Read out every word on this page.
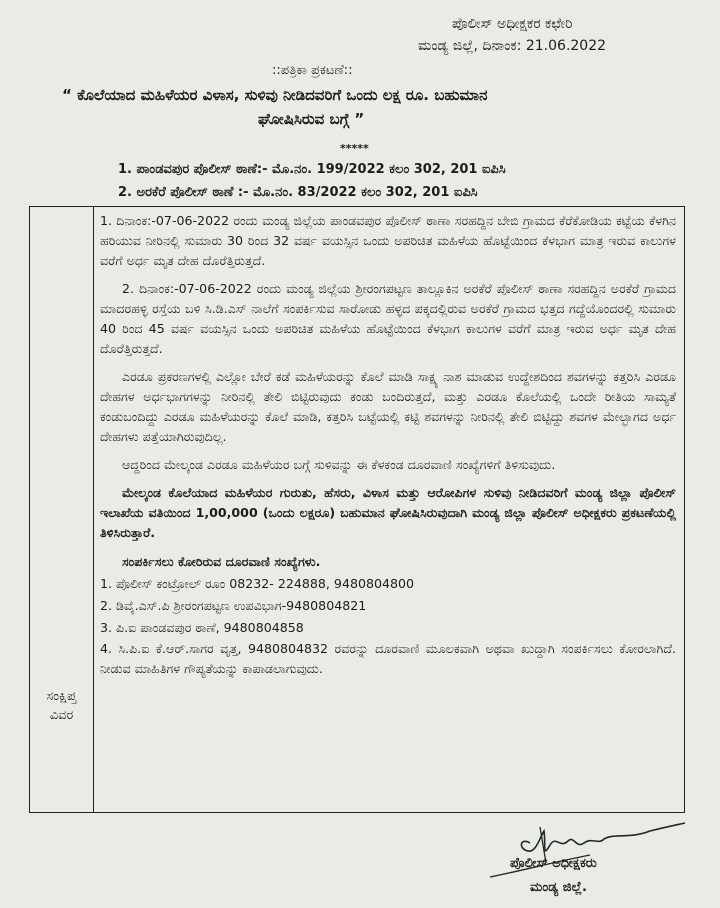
ಪೊಲೀಸ್ ಅಧೀಕ್ಷಕರ ಕಛೇರಿ
ಮಂಡ್ಯ ಜಿಲ್ಲೆ, ದಿನಾಂಕ: 21.06.2022
::ಪತ್ರಿಕಾ ಪ್ರಕಟಣೆ::
“ ಕೊಲೆಯಾದ ಮಹಿಳೆಯರ ವಿಳಾಸ, ಸುಳಿವು ನೀಡಿದವರಿಗೆ ಒಂದು ಲಕ್ಷ ರೂ. ಬಹುಮಾನ
ಘೋಷಿಸಿರುವ ಬಗ್ಗೆ ”
*****
1. ಪಾಂಡವಪುರ ಪೊಲೀಸ್ ಠಾಣೆ:- ಮೊ.ನಂ. 199/2022 ಕಲಂ 302, 201 ಐಪಿಸಿ
2. ಅರಕೆರೆ ಪೊಲೀಸ್ ಠಾಣೆ :- ಮೊ.ನಂ. 83/2022 ಕಲಂ 302, 201 ಐಪಿಸಿ
ಸಂಕ್ಷಿಪ್ತ
ವಿವರ

1. ದಿನಾಂಕ:-07-06-2022 ರಂದು ಮಂಡ್ಯ ಜಿಲ್ಲೆಯ ಪಾಂಡವಪುರ ಪೊಲೀಸ್ ಠಾಣಾ ಸರಹದ್ದಿನ ಬೇಬಿ ಗ್ರಾಮದ ಕೆರೆಕೋಡಿಯ ಕಟ್ಟೆಯ ಕೆಳಗಿನ ಹರಿಯುವ ನೀರಿನಲ್ಲಿ ಸುಮಾರು 30 ರಿಂದ 32 ವರ್ಷ ವಯಸ್ಸಿನ ಒಂದು ಅಪರಿಚಿತ ಮಹಿಳೆಯ ಹೊಟ್ಟೆಯಿಂದ ಕೆಳಭಾಗ ಮಾತ್ರ ಇರುವ ಕಾಲುಗಳ ವರೆಗೆ ಅರ್ಧ ಮೃತ ದೇಹ ದೊರೆತ್ತಿರುತ್ತದೆ.

2. ದಿನಾಂಕ:-07-06-2022 ರಂದು ಮಂಡ್ಯ ಜಿಲ್ಲೆಯ ಶ್ರೀರಂಗಪಟ್ಟಣ ತಾಲ್ಲೂಕಿನ ಅರಕೆರೆ ಪೊಲೀಸ್ ಠಾಣಾ ಸರಹದ್ದಿನ ಅರಕೆರೆ ಗ್ರಾಮದ ಮಾದರಹಳ್ಳಿ ರಸ್ತೆಯ ಬಳಿ ಸಿ.ಡಿ.ಎಸ್ ನಾಲೆಗೆ ಸಂಪರ್ಕಿಸುವ ಸಾರೋಡು ಹಳ್ಳದ ಪಕ್ಕದಲ್ಲಿರುವ ಅರಕೆರೆ ಗ್ರಾಮದ ಭತ್ತದ ಗದ್ದೆಯೊಂದರಲ್ಲಿ ಸುಮಾರು 40 ರಿಂದ 45 ವರ್ಷ ವಯಸ್ಸಿನ ಒಂದು ಅಪರಿಚಿತ ಮಹಿಳೆಯ ಹೊಟ್ಟೆಯಿಂದ ಕೆಳಭಾಗ ಕಾಲುಗಳ ವರೆಗೆ ಮಾತ್ರ ಇರುವ ಅರ್ಧ ಮೃತ ದೇಹ ದೊರೆತ್ತಿರುತ್ತದೆ.

ಎರಡೂ ಪ್ರಕರಣಗಳಲ್ಲಿ ಎಲ್ಲೋ ಬೇರೆ ಕಡೆ ಮಹಿಳೆಯರನ್ನು ಕೊಲೆ ಮಾಡಿ ಸಾಕ್ಷ್ಯ ನಾಶ ಮಾಡುವ ಉದ್ದೇಶದಿಂದ ಶವಗಳನ್ನು ಕತ್ತರಿಸಿ ಎರಡೂ ದೇಹಗಳ ಅರ್ಧಭಾಗಗಳನ್ನು ನೀರಿನಲ್ಲಿ ತೇಲಿ ಬಿಟ್ಟಿರುವುದು ಕಂಡು ಬಂದಿರುತ್ತದೆ, ಮತ್ತು ಎರಡೂ ಕೊಲೆಯಲ್ಲಿ ಒಂದೇ ರೀತಿಯ ಸಾಮ್ಯತೆ ಕಂಡುಬಂದಿದ್ದು ಎರಡೂ ಮಹಿಳೆಯರನ್ನು ಕೊಲೆ ಮಾಡಿ, ಕತ್ತರಿಸಿ ಬಟ್ಟೆಯಲ್ಲಿ ಕಟ್ಟಿ ಶವಗಳನ್ನು ನೀರಿನಲ್ಲಿ ತೇಲಿ ಬಿಟ್ಟಿದ್ದು ಶವಗಳ ಮೇಲ್ಭಾಗದ ಅರ್ಧ ದೇಹಗಳು ಪತ್ತೆಯಾಗಿರುವುದಿಲ್ಲ.

ಆದ್ದರಿಂದ ಮೇಲ್ಕಂಡ ಎರಡೂ ಮಹಿಳೆಯರ ಬಗ್ಗೆ ಸುಳಿವನ್ನು ಈ ಕೆಳಕಂಡ ದೂರವಾಣಿ ಸಂಖ್ಯೆಗಳಿಗೆ ತಿಳಿಸುವುದು.

ಮೇಲ್ಕಂಡ ಕೊಲೆಯಾದ ಮಹಿಳೆಯರ ಗುರುತು, ಹೆಸರು, ವಿಳಾಸ ಮತ್ತು ಆರೋಪಿಗಳ ಸುಳಿವು ನೀಡಿದವರಿಗೆ ಮಂಡ್ಯ ಜಿಲ್ಲಾ ಪೊಲೀಸ್ ಇಲಾಖೆಯ ವತಿಯಿಂದ 1,00,000 (ಒಂದು ಲಕ್ಷರೂ) ಬಹುಮಾನ ಘೋಷಿಸಿರುವುದಾಗಿ ಮಂಡ್ಯ ಜಿಲ್ಲಾ ಪೊಲೀಸ್ ಅಧೀಕ್ಷಕರು ಪ್ರಕಟಣೆಯಲ್ಲಿ ತಿಳಿಸಿರುತ್ತಾರೆ.

ಸಂಪರ್ಕಿಸಲು ಕೋರಿರುವ ದೂರವಾಣಿ ಸಂಖ್ಯೆಗಳು.
1. ಪೊಲೀಸ್ ಕಂಟ್ರೋಲ್ ರೂಂ 08232- 224888, 9480804800
2. ಡಿವೈ.ಎಸ್.ಪಿ ಶ್ರೀರಂಗಪಟ್ಟಣ ಉಪವಿಭಾಗ-9480804821
3. ಪಿ.ಐ ಪಾಂಡವಪುರ ಠಾಣೆ, 9480804858
4. ಸಿ.ಪಿ.ಐ ಕೆ.ಆರ್.ಸಾಗರ ವೃತ್ತ, 9480804832 ರವರನ್ನು ದೂರವಾಣಿ ಮೂಲಕವಾಗಿ ಅಥವಾ ಖುದ್ದಾಗಿ ಸಂಪರ್ಕಿಸಲು ಕೋರಲಾಗಿದೆ. ನೀಡುವ ಮಾಹಿತಿಗಳ ಗೌಪ್ಯತೆಯನ್ನು ಕಾಪಾಡಲಾಗುವುದು.
ಪೊಲೀಸ್ ಅಧೀಕ್ಷಕರು
ಮಂಡ್ಯ ಜಿಲ್ಲೆ.
